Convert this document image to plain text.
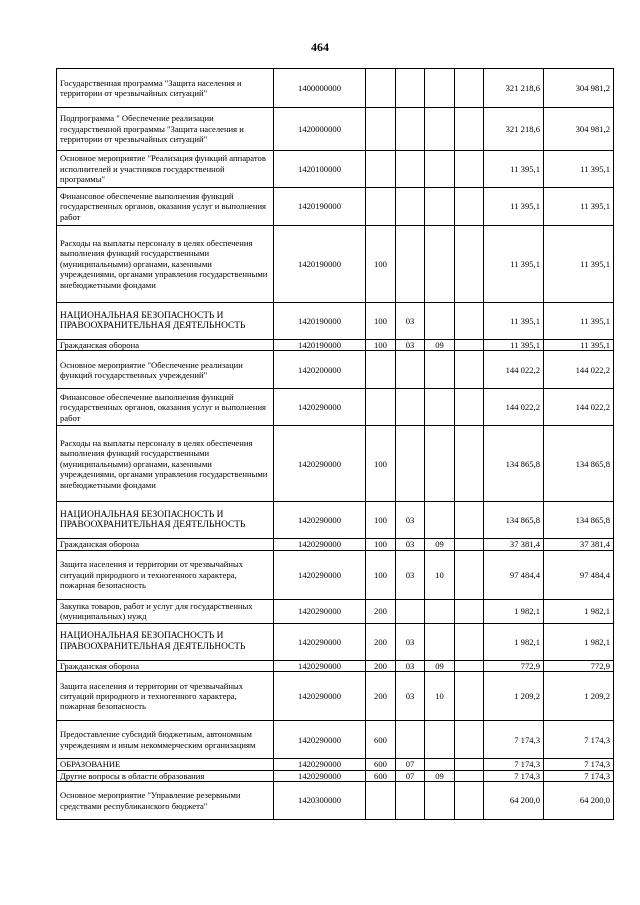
464
Государственная программа "Защита населения и территории от чрезвычайных ситуаций"	1400000000					321 218,6	304 981,2
Подпрограмма " Обеспечение реализации государственной программы "Защита населения и территории от чрезвычайных ситуаций"	1420000000					321 218,6	304 981,2
Основное мероприятие "Реализация функций аппаратов исполнителей и участников государственной программы"	1420100000					11 395,1	11 395,1
Финансовое обеспечение выполнения функций государственных органов, оказания услуг и выполнения работ	1420190000					11 395,1	11 395,1
Расходы на выплаты персоналу в целях обеспечения выполнения функций государственными (муниципальными) органами, казенными учреждениями, органами управления государственными внебюджетными фондами	1420190000	100				11 395,1	11 395,1
НАЦИОНАЛЬНАЯ БЕЗОПАСНОСТЬ И ПРАВООХРАНИТЕЛЬНАЯ ДЕЯТЕЛЬНОСТЬ	1420190000	100	03			11 395,1	11 395,1
Гражданская оборона	1420190000	100	03	09		11 395,1	11 395,1
Основное мероприятие "Обеспечение реализации функций государственных учреждений"	1420200000					144 022,2	144 022,2
Финансовое обеспечение выполнения функций государственных органов, оказания услуг и выполнения работ	1420290000					144 022,2	144 022,2
Расходы на выплаты персоналу в целях обеспечения выполнения функций государственными (муниципальными) органами, казенными учреждениями, органами управления государственными внебюджетными фондами	1420290000	100				134 865,8	134 865,8
НАЦИОНАЛЬНАЯ БЕЗОПАСНОСТЬ И ПРАВООХРАНИТЕЛЬНАЯ ДЕЯТЕЛЬНОСТЬ	1420290000	100	03			134 865,8	134 865,8
Гражданская оборона	1420290000	100	03	09		37 381,4	37 381,4
Защита населения и территории от чрезвычайных ситуаций природного и техногенного характера, пожарная безопасность	1420290000	100	03	10		97 484,4	97 484,4
Закупка товаров, работ и услуг для государственных (муниципальных) нужд	1420290000	200				1 982,1	1 982,1
НАЦИОНАЛЬНАЯ БЕЗОПАСНОСТЬ И ПРАВООХРАНИТЕЛЬНАЯ ДЕЯТЕЛЬНОСТЬ	1420290000	200	03			1 982,1	1 982,1
Гражданская оборона	1420290000	200	03	09		772,9	772,9
Защита населения и территории от чрезвычайных ситуаций природного и техногенного характера, пожарная безопасность	1420290000	200	03	10		1 209,2	1 209,2
Предоставление субсидий бюджетным, автономным учреждениям и иным некоммерческим организациям	1420290000	600				7 174,3	7 174,3
ОБРАЗОВАНИЕ	1420290000	600	07			7 174,3	7 174,3
Другие вопросы в области образования	1420290000	600	07	09		7 174,3	7 174,3
Основное мероприятие "Управление резервными средствами республиканского бюджета"	1420300000					64 200,0	64 200,0
